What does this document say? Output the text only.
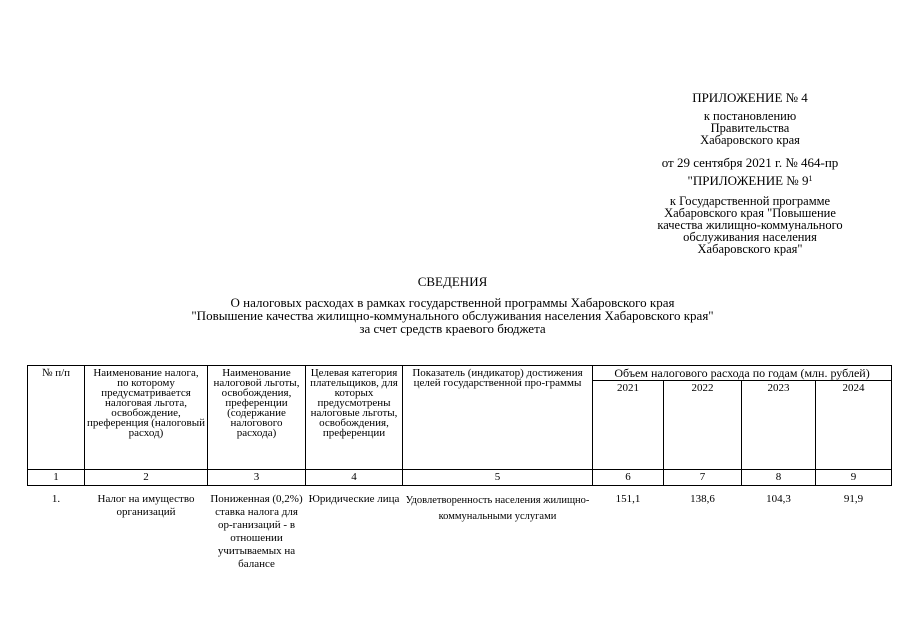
ПРИЛОЖЕНИЕ № 4
к постановлению
Правительства
Хабаровского края
от 29 сентября 2021 г. № 464-пр
"ПРИЛОЖЕНИЕ № $9^1$
к Государственной программе
Хабаровского края "Повышение
качества жилищно-коммунального
обслуживания населения
Хабаровского края"
СВЕДЕНИЯ
О налоговых расходах в рамках государственной программы Хабаровского края
"Повышение качества жилищно-коммунального обслуживания населения Хабаровского края"
за счет средств краевого бюджета
№ п/п	Наименование налога, по которому предусматривается налоговая льгота, освобождение, преференция (налоговый расход)	Наименование налоговой льготы, освобождения, преференции (содержание налогового расхода)	Целевая категория плательщиков, для которых предусмотрены налоговые льготы, освобождения, преференции	Показатель (индикатор) достижения целей государственной про-граммы	Объем налогового расхода по годам (млн. рублей)			
					2021	2022	2023	2024
1	2	3	4	5	6	7	8	9

1.	Налог на имущество организаций	Пониженная (0,2%) ставка налога для ор-ганизаций - в отношении учитываемых на балансе	Юридические лица	Удовлетворенность населения жилищно-коммунальными услугами	151,1	138,6	104,3	91,9
